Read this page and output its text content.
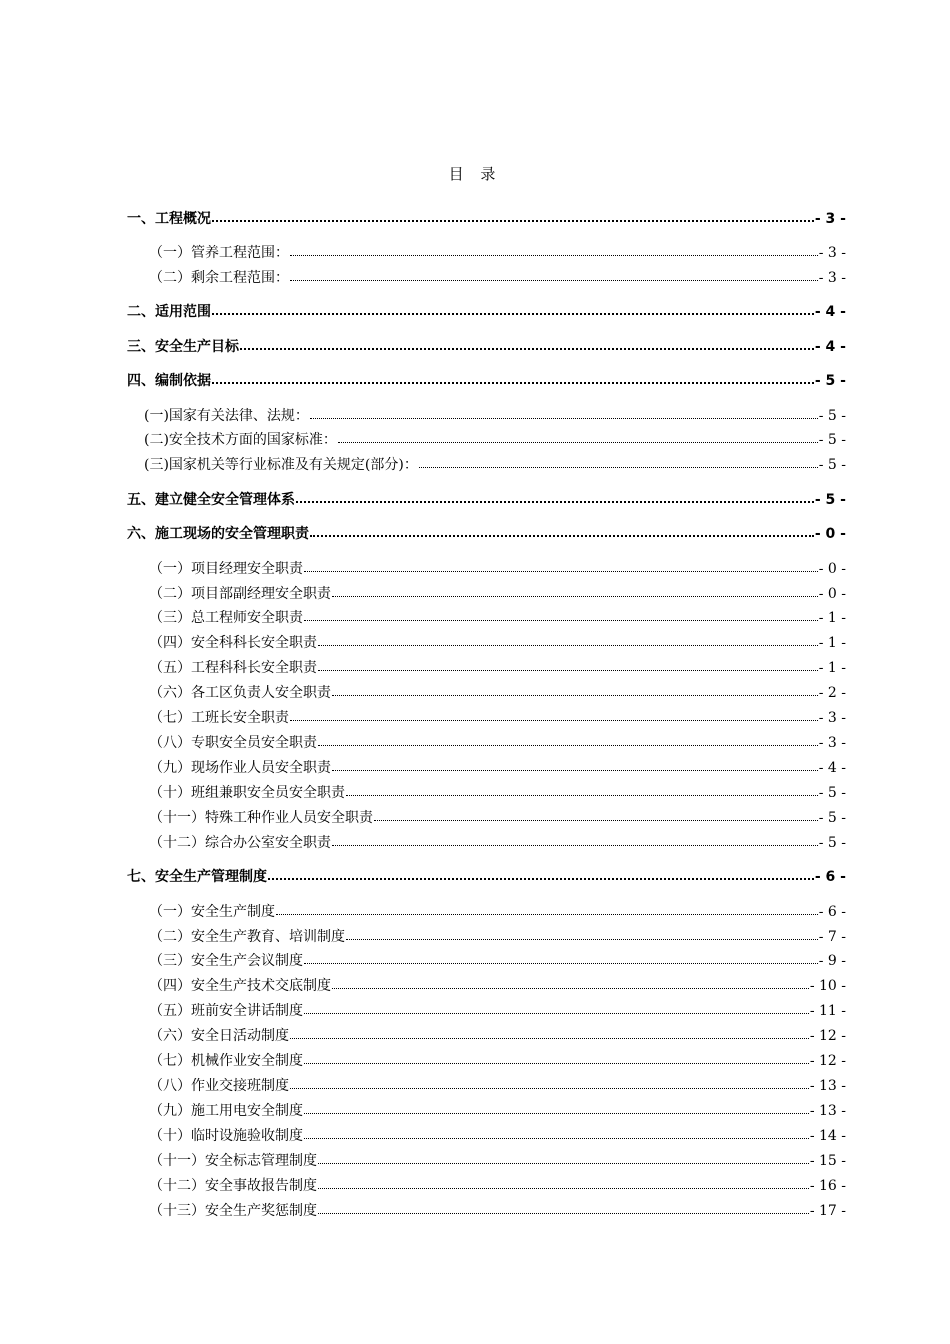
目 录
一、工程概况	- 3 -
（一）管养工程范围：	- 3 -
（二）剩余工程范围：	- 3 -
二、适用范围	- 4 -
三、安全生产目标	- 4 -
四、编制依据	- 5 -
(一)国家有关法律、法规：	- 5 -
(二)安全技术方面的国家标准：	- 5 -
(三)国家机关等行业标准及有关规定(部分)：	- 5 -
五、建立健全安全管理体系	- 5 -
六、施工现场的安全管理职责	- 0 -
（一）项目经理安全职责	- 0 -
（二）项目部副经理安全职责	- 0 -
（三）总工程师安全职责	- 1 -
（四）安全科科长安全职责	- 1 -
（五）工程科科长安全职责	- 1 -
（六）各工区负责人安全职责	- 2 -
（七）工班长安全职责	- 3 -
（八）专职安全员安全职责	- 3 -
（九）现场作业人员安全职责	- 4 -
（十）班组兼职安全员安全职责	- 5 -
（十一）特殊工种作业人员安全职责	- 5 -
（十二）综合办公室安全职责	- 5 -
七、安全生产管理制度	- 6 -
（一）安全生产制度	- 6 -
（二）安全生产教育、培训制度	- 7 -
（三）安全生产会议制度	- 9 -
（四）安全生产技术交底制度	- 10 -
（五）班前安全讲话制度	- 11 -
（六）安全日活动制度	- 12 -
（七）机械作业安全制度	- 12 -
（八）作业交接班制度	- 13 -
（九）施工用电安全制度	- 13 -
（十）临时设施验收制度	- 14 -
（十一）安全标志管理制度	- 15 -
（十二）安全事故报告制度	- 16 -
（十三）安全生产奖惩制度	- 17 -
